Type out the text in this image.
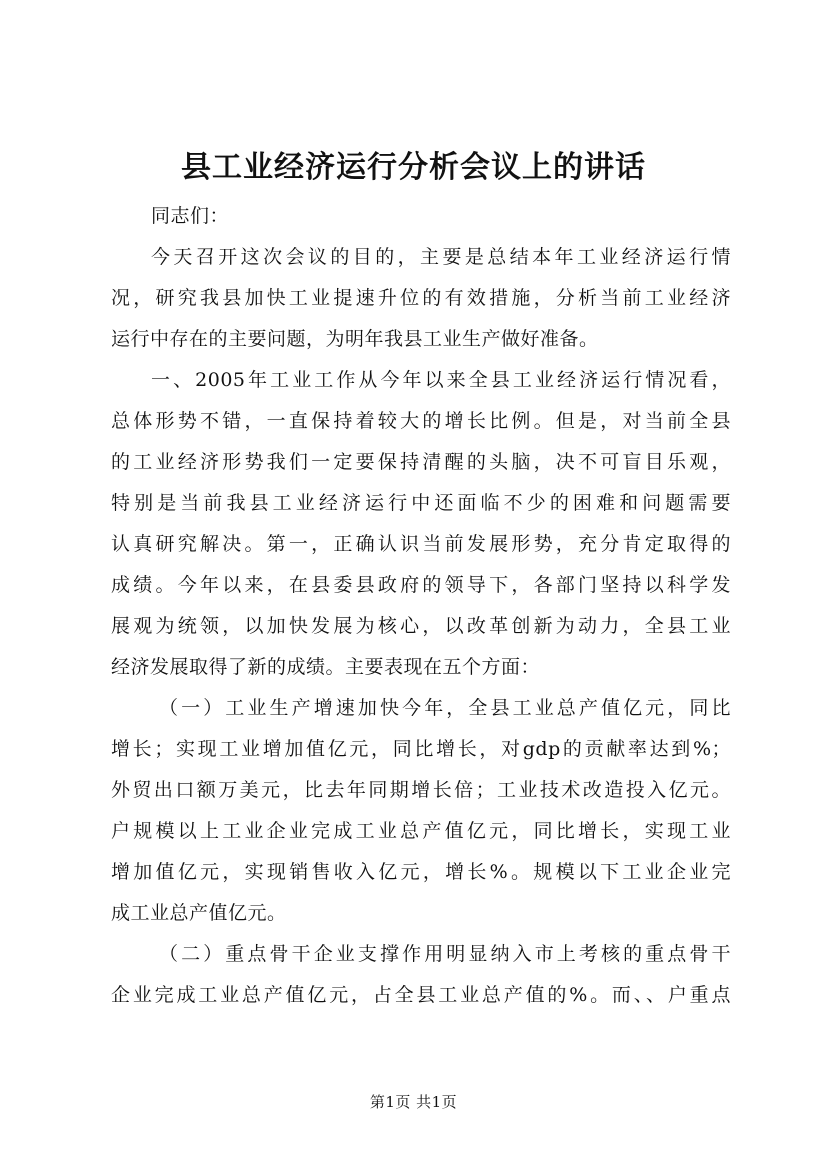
县工业经济运行分析会议上的讲话
同志们：
今天召开这次会议的目的，主要是总结本年工业经济运行情
况，研究我县加快工业提速升位的有效措施，分析当前工业经济
运行中存在的主要问题，为明年我县工业生产做好准备。
一、2005年工业工作从今年以来全县工业经济运行情况看，
总体形势不错，一直保持着较大的增长比例。但是，对当前全县
的工业经济形势我们一定要保持清醒的头脑，决不可盲目乐观，
特别是当前我县工业经济运行中还面临不少的困难和问题需要
认真研究解决。第一，正确认识当前发展形势，充分肯定取得的
成绩。今年以来，在县委县政府的领导下，各部门坚持以科学发
展观为统领，以加快发展为核心，以改革创新为动力，全县工业
经济发展取得了新的成绩。主要表现在五个方面：
（一）工业生产增速加快今年，全县工业总产值亿元，同比
增长；实现工业增加值亿元，同比增长，对gdp的贡献率达到%；
外贸出口额万美元，比去年同期增长倍；工业技术改造投入亿元。
户规模以上工业企业完成工业总产值亿元，同比增长，实现工业
增加值亿元，实现销售收入亿元，增长%。规模以下工业企业完
成工业总产值亿元。
（二）重点骨干企业支撑作用明显纳入市上考核的重点骨干
企业完成工业总产值亿元，占全县工业总产值的%。而、、户重点
第1页 共1页
